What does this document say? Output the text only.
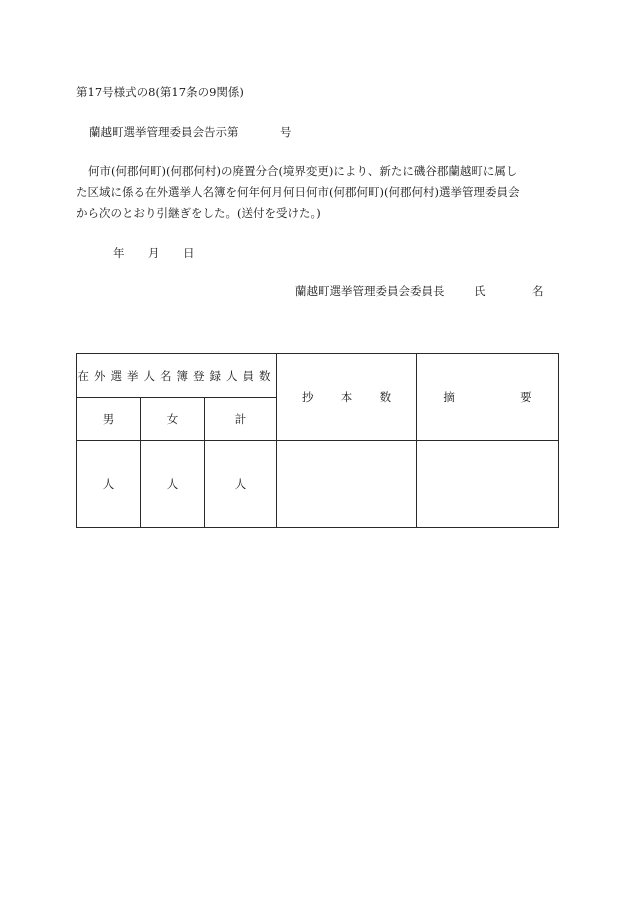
第17号様式の8(第17条の9関係)
蘭越町選挙管理委員会告示第	号

何市(何郡何町)(何郡何村)の廃置分合(境界変更)により、新たに磯谷郡蘭越町に属し

た区域に係る在外選挙人名簿を何年何月何日何市(何郡何町)(何郡何村)選挙管理委員会

から次のとおり引継ぎをした。(送付を受けた。)

年 月 日
蘭越町選挙管理委員会委員長	氏	名
在外選挙人名簿登録人員数			抄 本 数	摘 要
男	女	計		
人	人	人		
